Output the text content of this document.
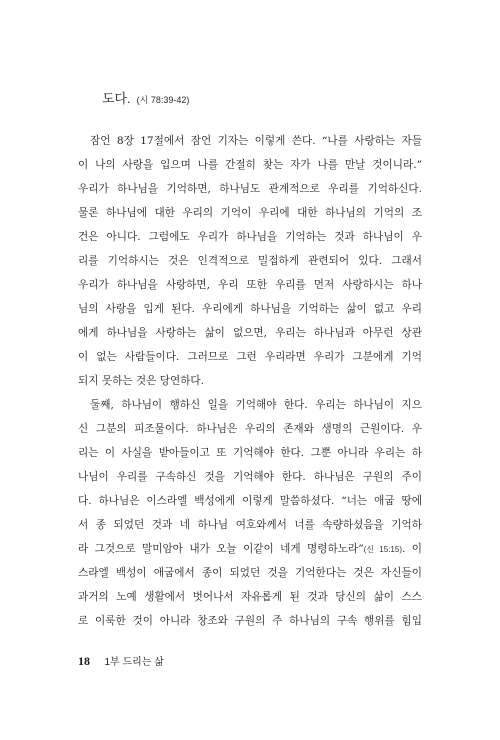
도다. (시 78:39-42)
잠언 8장 17절에서 잠언 기자는 이렇게 쓴다. “나를 사랑하는 자들
이 나의 사랑을 입으며 나를 간절히 찾는 자가 나를 만날 것이니라.”
우리가 하나님을 기억하면, 하나님도 관계적으로 우리를 기억하신다.
물론 하나님에 대한 우리의 기억이 우리에 대한 하나님의 기억의 조
건은 아니다. 그럼에도 우리가 하나님을 기억하는 것과 하나님이 우
리를 기억하시는 것은 인격적으로 밀접하게 관련되어 있다. 그래서
우리가 하나님을 사랑하면, 우리 또한 우리를 먼저 사랑하시는 하나
님의 사랑을 입게 된다. 우리에게 하나님을 기억하는 삶이 없고 우리
에게 하나님을 사랑하는 삶이 없으면, 우리는 하나님과 아무런 상관
이 없는 사람들이다. 그러므로 그런 우리라면 우리가 그분에게 기억
되지 못하는 것은 당연하다.
둘째, 하나님이 행하신 일을 기억해야 한다. 우리는 하나님이 지으
신 그분의 피조물이다. 하나님은 우리의 존재와 생명의 근원이다. 우
리는 이 사실을 받아들이고 또 기억해야 한다. 그뿐 아니라 우리는 하
나님이 우리를 구속하신 것을 기억해야 한다. 하나님은 구원의 주이
다. 하나님은 이스라엘 백성에게 이렇게 말씀하셨다. “너는 애굽 땅에
서 종 되었던 것과 네 하나님 여호와께서 너를 속량하셨음을 기억하
라 그것으로 말미암아 내가 오늘 이같이 네게 명령하노라”(신 15:15). 이
스라엘 백성이 애굽에서 종이 되었던 것을 기억한다는 것은 자신들이
과거의 노예 생활에서 벗어나서 자유롭게 된 것과 당신의 삶이 스스
로 이룩한 것이 아니라 창조와 구원의 주 하나님의 구속 행위를 힘입
18 1부 드리는 삶
